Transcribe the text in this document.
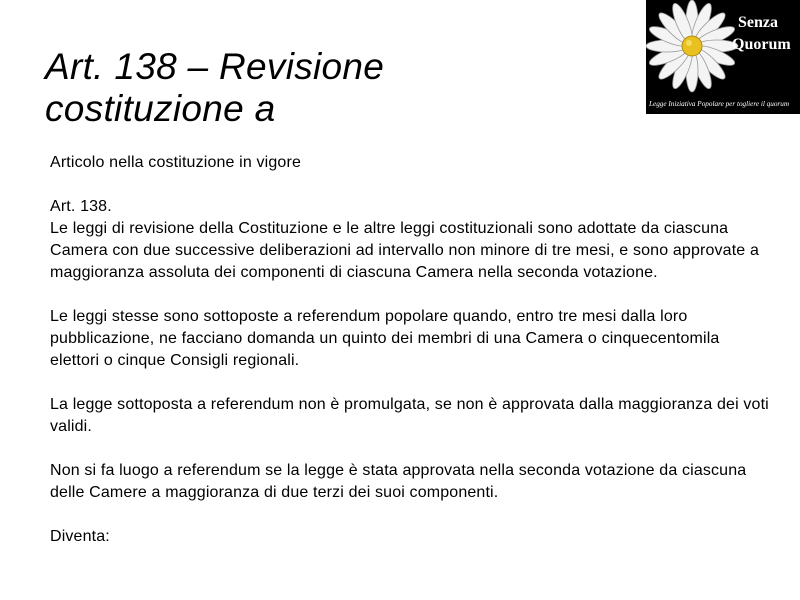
Art. 138 – Revisione
costituzione a
Senza
Quorum
Legge Iniziativa Popolare per togliere il quorum

Articolo nella costituzione in vigore

Art. 138.

Le leggi di revisione della Costituzione e le altre leggi costituzionali sono adottate da ciascuna Camera con due successive deliberazioni ad intervallo non minore di tre mesi, e sono approvate a maggioranza assoluta dei componenti di ciascuna Camera nella seconda votazione.

Le leggi stesse sono sottoposte a referendum popolare quando, entro tre mesi dalla loro pubblicazione, ne facciano domanda un quinto dei membri di una Camera o cinquecentomila elettori o cinque Consigli regionali.

La legge sottoposta a referendum non è promulgata, se non è approvata dalla maggioranza dei voti validi.

Non si fa luogo a referendum se la legge è stata approvata nella seconda votazione da ciascuna delle Camere a maggioranza di due terzi dei suoi componenti.

Diventa:
